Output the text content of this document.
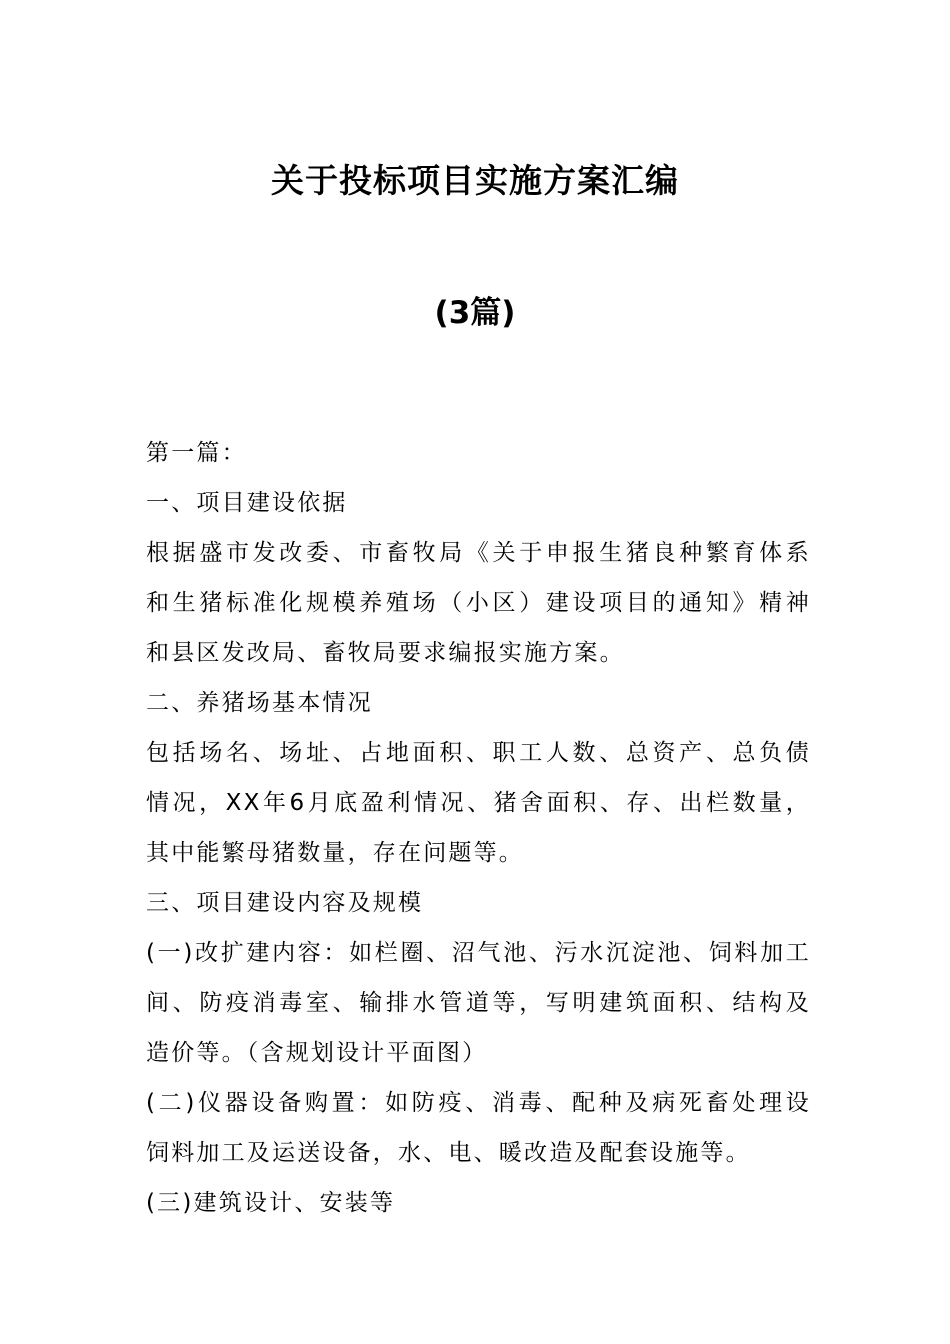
关于投标项目实施方案汇编
(3篇)
第一篇：
一、项目建设依据
根据盛市发改委、市畜牧局《关于申报生猪良种繁育体系
和生猪标准化规模养殖场（小区）建设项目的通知》精神
和县区发改局、畜牧局要求编报实施方案。
二、养猪场基本情况
包括场名、场址、占地面积、职工人数、总资产、总负债
情况，XX年6月底盈利情况、猪舍面积、存、出栏数量，
其中能繁母猪数量，存在问题等。
三、项目建设内容及规模
(一)改扩建内容：如栏圈、沼气池、污水沉淀池、饲料加工
间、防疫消毒室、输排水管道等，写明建筑面积、结构及
造价等。（含规划设计平面图）
(二)仪器设备购置：如防疫、消毒、配种及病死畜处理设
饲料加工及运送设备，水、电、暖改造及配套设施等。
(三)建筑设计、安装等
